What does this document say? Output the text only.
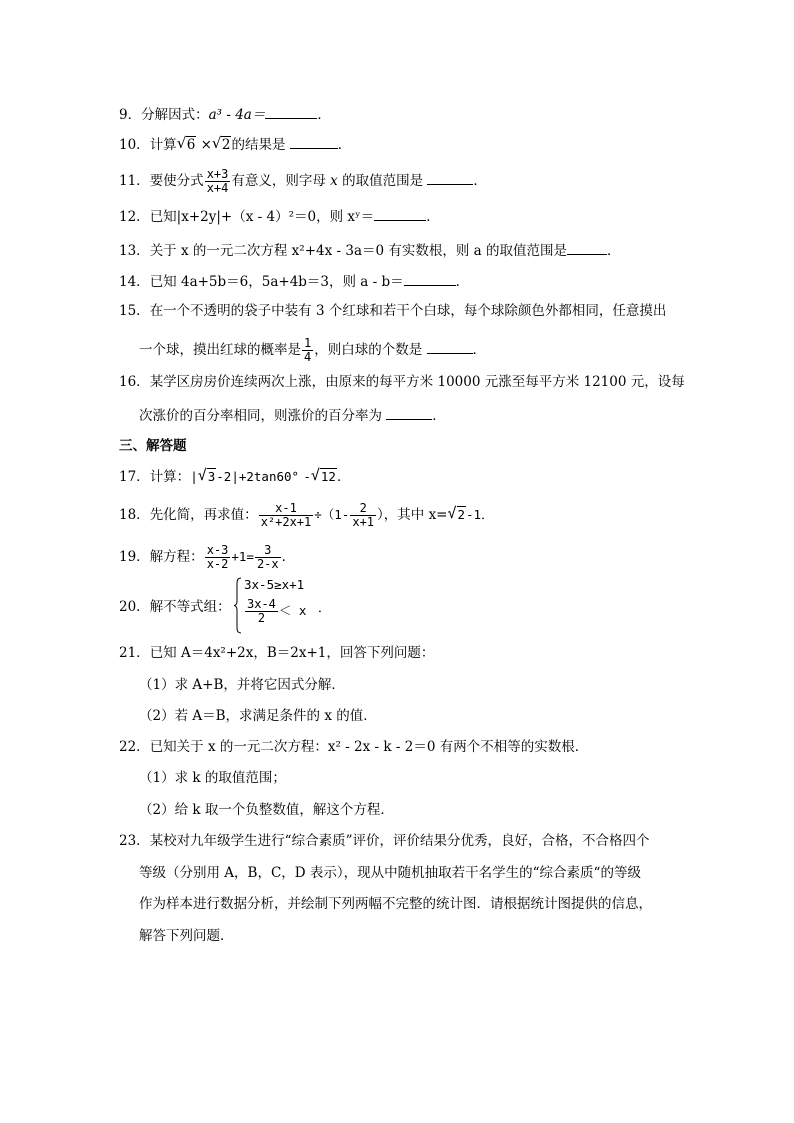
9．分解因式：a³ - 4a＝	．
10．计算 √ 6 × √ 2的结果是	．
11．要使分式 $\frac{x+3}{x+4}$ 有意义，则字母 x 的取值范围是	．
12．已知|x+2y|+（x - 4）²＝0，则 xʸ＝	．
13．关于 x 的一元二次方程 x²+4x - 3a＝0 有实数根，则 a 的取值范围是	．
14．已知 4a+5b＝6，5a+4b＝3，则 a - b＝	．
15．在一个不透明的袋子中装有 3 个红球和若干个白球，每个球除颜色外都相同，任意摸出
一个球，摸出红球的概率是 $\frac{1}{4}$ ，则白球的个数是	．
16．某学区房房价连续两次上涨，由原来的每平方米 10000 元涨至每平方米 12100 元，设每
次涨价的百分率相同，则涨价的百分率为	．
三、解答题
17．计算：| √ 3-2|+2tan60° - √ 12．
18．先化简，再求值： $\frac{x-1}{\text{x²+2x+1}} \div(1- \frac{2}{x+1}$ ），其中 x= √ 2-1．
19．解方程： $\frac{x-3}{x-2} +1= \frac{3}{2-x}$ ．
20．解不等式组：
3x-5≥x+1
$\frac{3x-4}{2} < x$ ．
21．已知 A＝4x²+2x，B＝2x+1，回答下列问题：
（1）求 A+B，并将它因式分解．
（2）若 A＝B，求满足条件的 x 的值．
22．已知关于 x 的一元二次方程：x² - 2x - k - 2＝0 有两个不相等的实数根．
（1）求 k 的取值范围；
（2）给 k 取一个负整数值，解这个方程．
23．某校对九年级学生进行“综合素质”评价，评价结果分优秀，良好，合格，不合格四个
等级（分别用 A，B，C，D 表示），现从中随机抽取若干名学生的“综合素质“的等级
作为样本进行数据分析，并绘制下列两幅不完整的统计图．请根据统计图提供的信息，
解答下列问题．
